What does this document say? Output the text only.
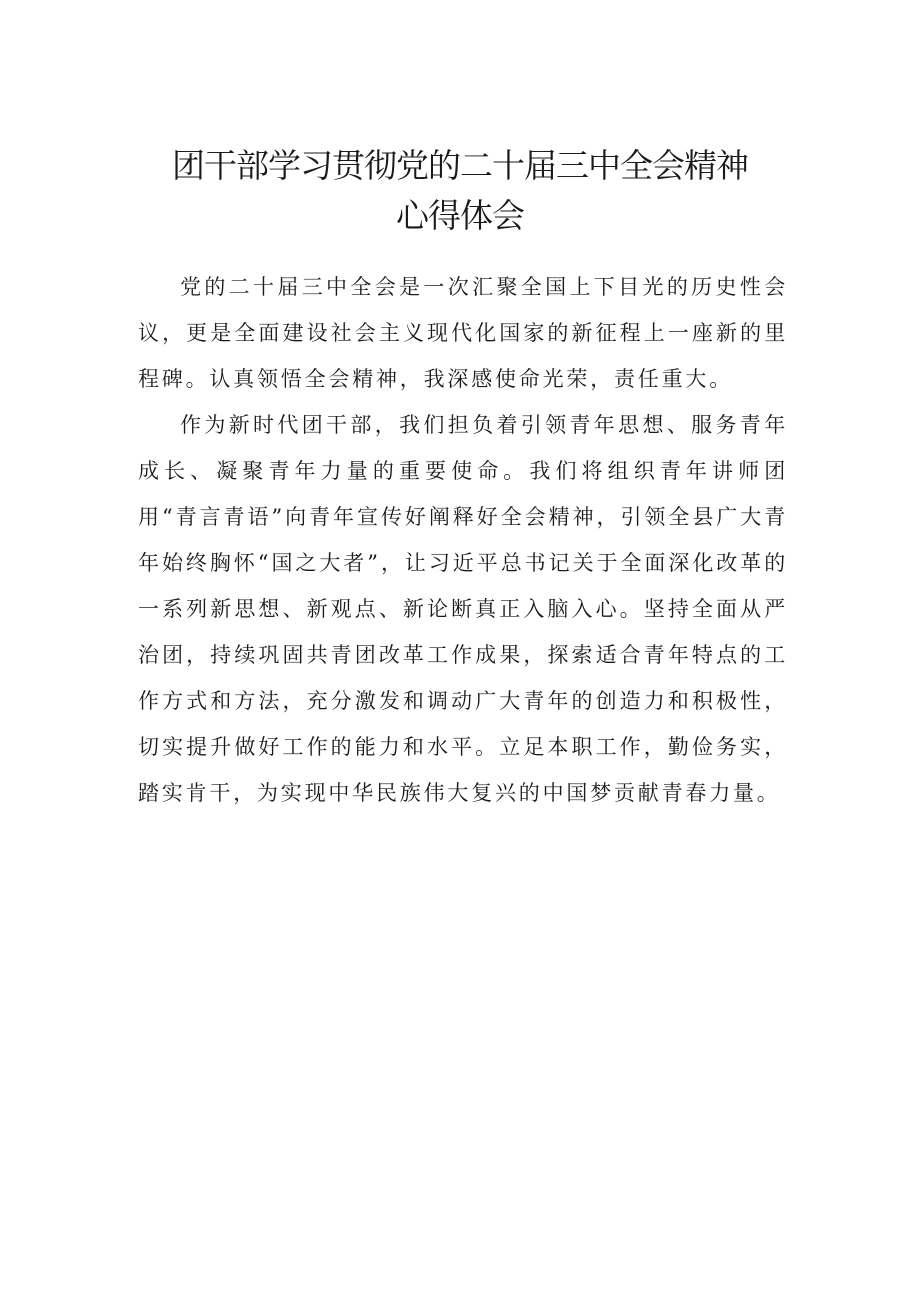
团干部学习贯彻党的二十届三中全会精神
心得体会

党的二十届三中全会是一次汇聚全国上下目光的历史性会议，更是全面建设社会主义现代化国家的新征程上一座新的里程碑。认真领悟全会精神，我深感使命光荣，责任重大。

作为新时代团干部，我们担负着引领青年思想、服务青年成长、凝聚青年力量的重要使命。我们将组织青年讲师团用“青言青语”向青年宣传好阐释好全会精神，引领全县广大青年始终胸怀“国之大者”，让习近平总书记关于全面深化改革的一系列新思想、新观点、新论断真正入脑入心。坚持全面从严治团，持续巩固共青团改革工作成果，探索适合青年特点的工作方式和方法，充分激发和调动广大青年的创造力和积极性，切实提升做好工作的能力和水平。立足本职工作，勤俭务实，踏实肯干，为实现中华民族伟大复兴的中国梦贡献青春力量。
